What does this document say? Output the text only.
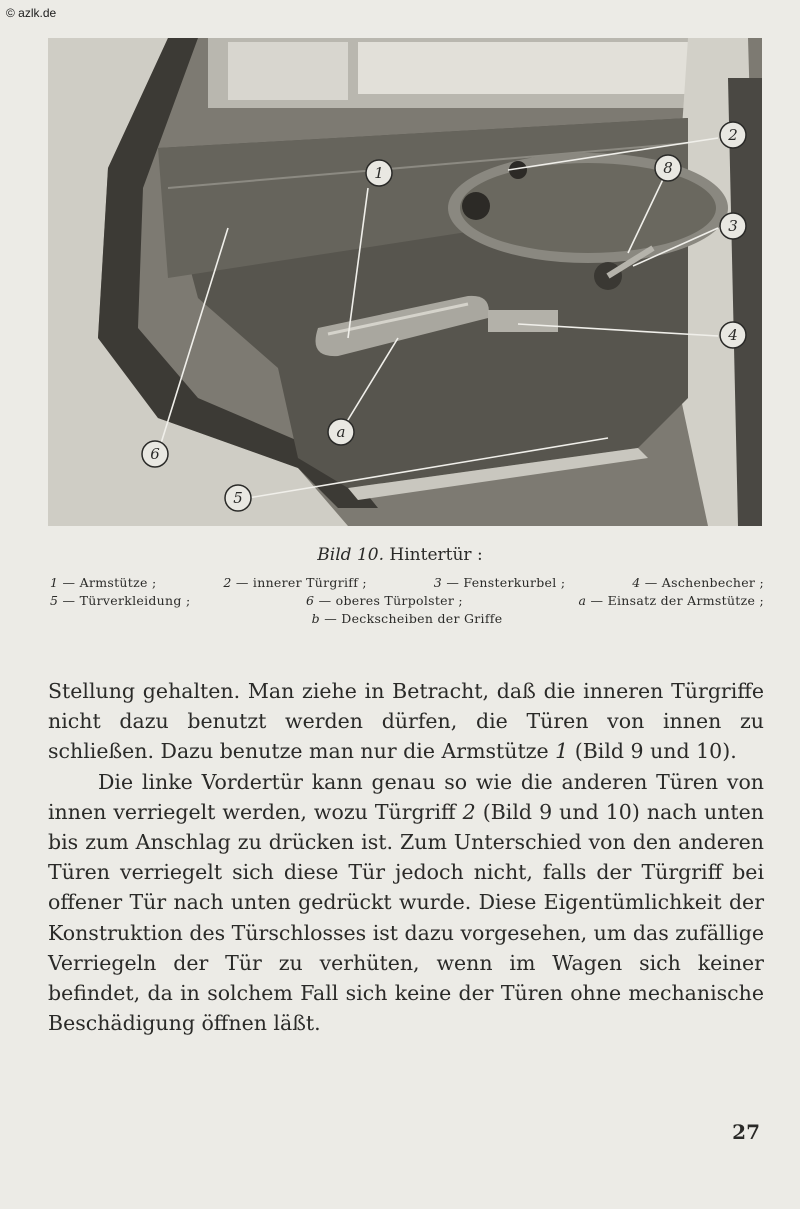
© azlk.de
1
2
3
4
5
6
8
a
Bild 10. Hintertür :
1 — Armstütze ;	2 — innerer Türgriff ;	3 — Fensterkurbel ;	4 — Aschenbecher ;
5 — Türverkleidung ;	6 — oberes Türpolster ;	a — Einsatz der Armstütze ;
b — Deckscheiben der Griffe

Stellung gehalten. Man ziehe in Betracht, daß die inneren Türgriffe nicht dazu benutzt werden dürfen, die Türen von innen zu schließen. Dazu benutze man nur die Armstütze 1 (Bild 9 und 10).

Die linke Vordertür kann genau so wie die anderen Türen von innen verriegelt werden, wozu Türgriff 2 (Bild 9 und 10) nach unten bis zum Anschlag zu drücken ist. Zum Unterschied von den anderen Türen verriegelt sich diese Tür jedoch nicht, falls der Türgriff bei offener Tür nach unten gedrückt wurde. Diese Eigentümlichkeit der Konstruktion des Türschlosses ist dazu vorgesehen, um das zufällige Verriegeln der Tür zu verhüten, wenn im Wagen sich keiner befindet, da in solchem Fall sich keine der Türen ohne mechanische Beschädigung öffnen läßt.

27
